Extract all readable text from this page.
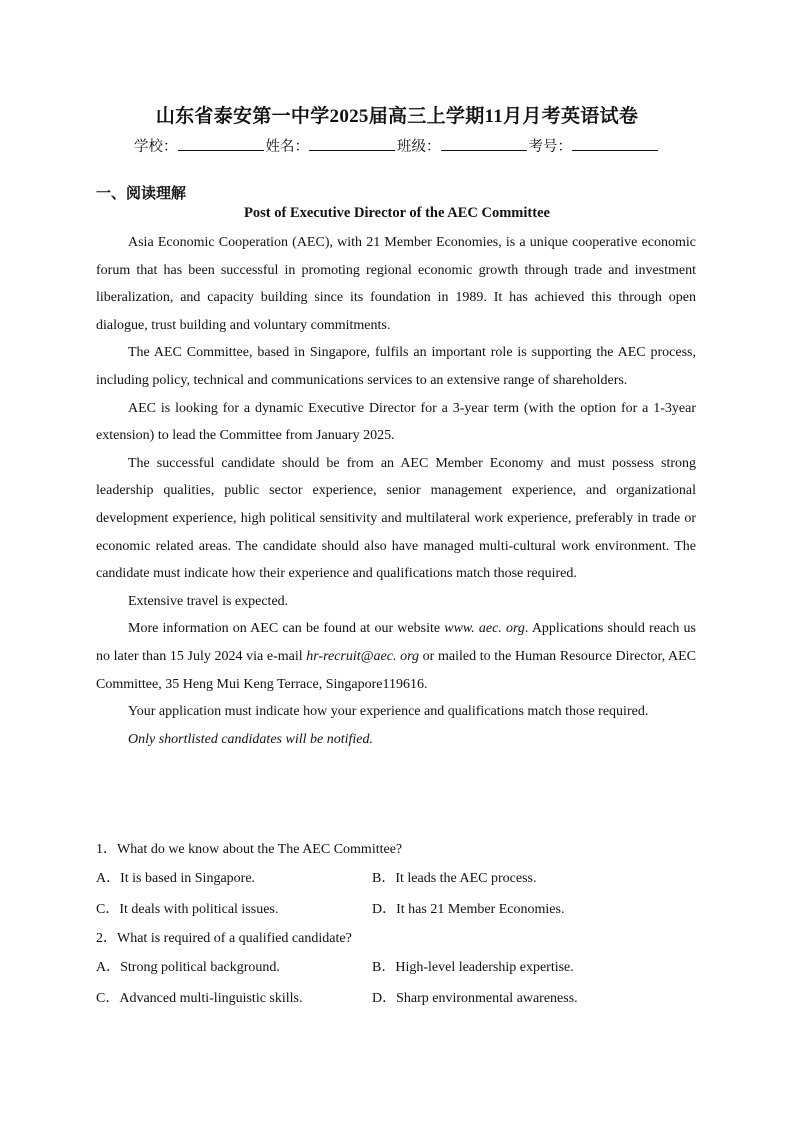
山东省泰安第一中学2025届高三上学期11月月考英语试卷
学校：	姓名：	班级：	考号：
一、阅读理解
Post of Executive Director of the AEC Committee

Asia Economic Cooperation (AEC), with 21 Member Economies, is a unique cooperative economic forum that has been successful in promoting regional economic growth through trade and investment liberalization, and capacity building since its foundation in 1989. It has achieved this through open dialogue, trust building and voluntary commitments.

The AEC Committee, based in Singapore, fulfils an important role is supporting the AEC process, including policy, technical and communications services to an extensive range of shareholders.

AEC is looking for a dynamic Executive Director for a 3-year term (with the option for a 1-3year extension) to lead the Committee from January 2025.

The successful candidate should be from an AEC Member Economy and must possess strong leadership qualities, public sector experience, senior management experience, and organizational development experience, high political sensitivity and multilateral work experience, preferably in trade or economic related areas. The candidate should also have managed multi-cultural work environment. The candidate must indicate how their experience and qualifications match those required.

Extensive travel is expected.

More information on AEC can be found at our website www. aec. org. Applications should reach us no later than 15 July 2024 via e-mail hr-recruit@aec. org or mailed to the Human Resource Director, AEC Committee, 35 Heng Mui Keng Terrace, Singapore119616.

Your application must indicate how your experience and qualifications match those required.

Only shortlisted candidates will be notified.

1．What do we know about the The AEC Committee?
A．It is based in Singapore.	B．It leads the AEC process.
C．It deals with political issues.	D．It has 21 Member Economies.
2．What is required of a qualified candidate?
A．Strong political background.	B．High-level leadership expertise.
C．Advanced multi-linguistic skills.	D．Sharp environmental awareness.
